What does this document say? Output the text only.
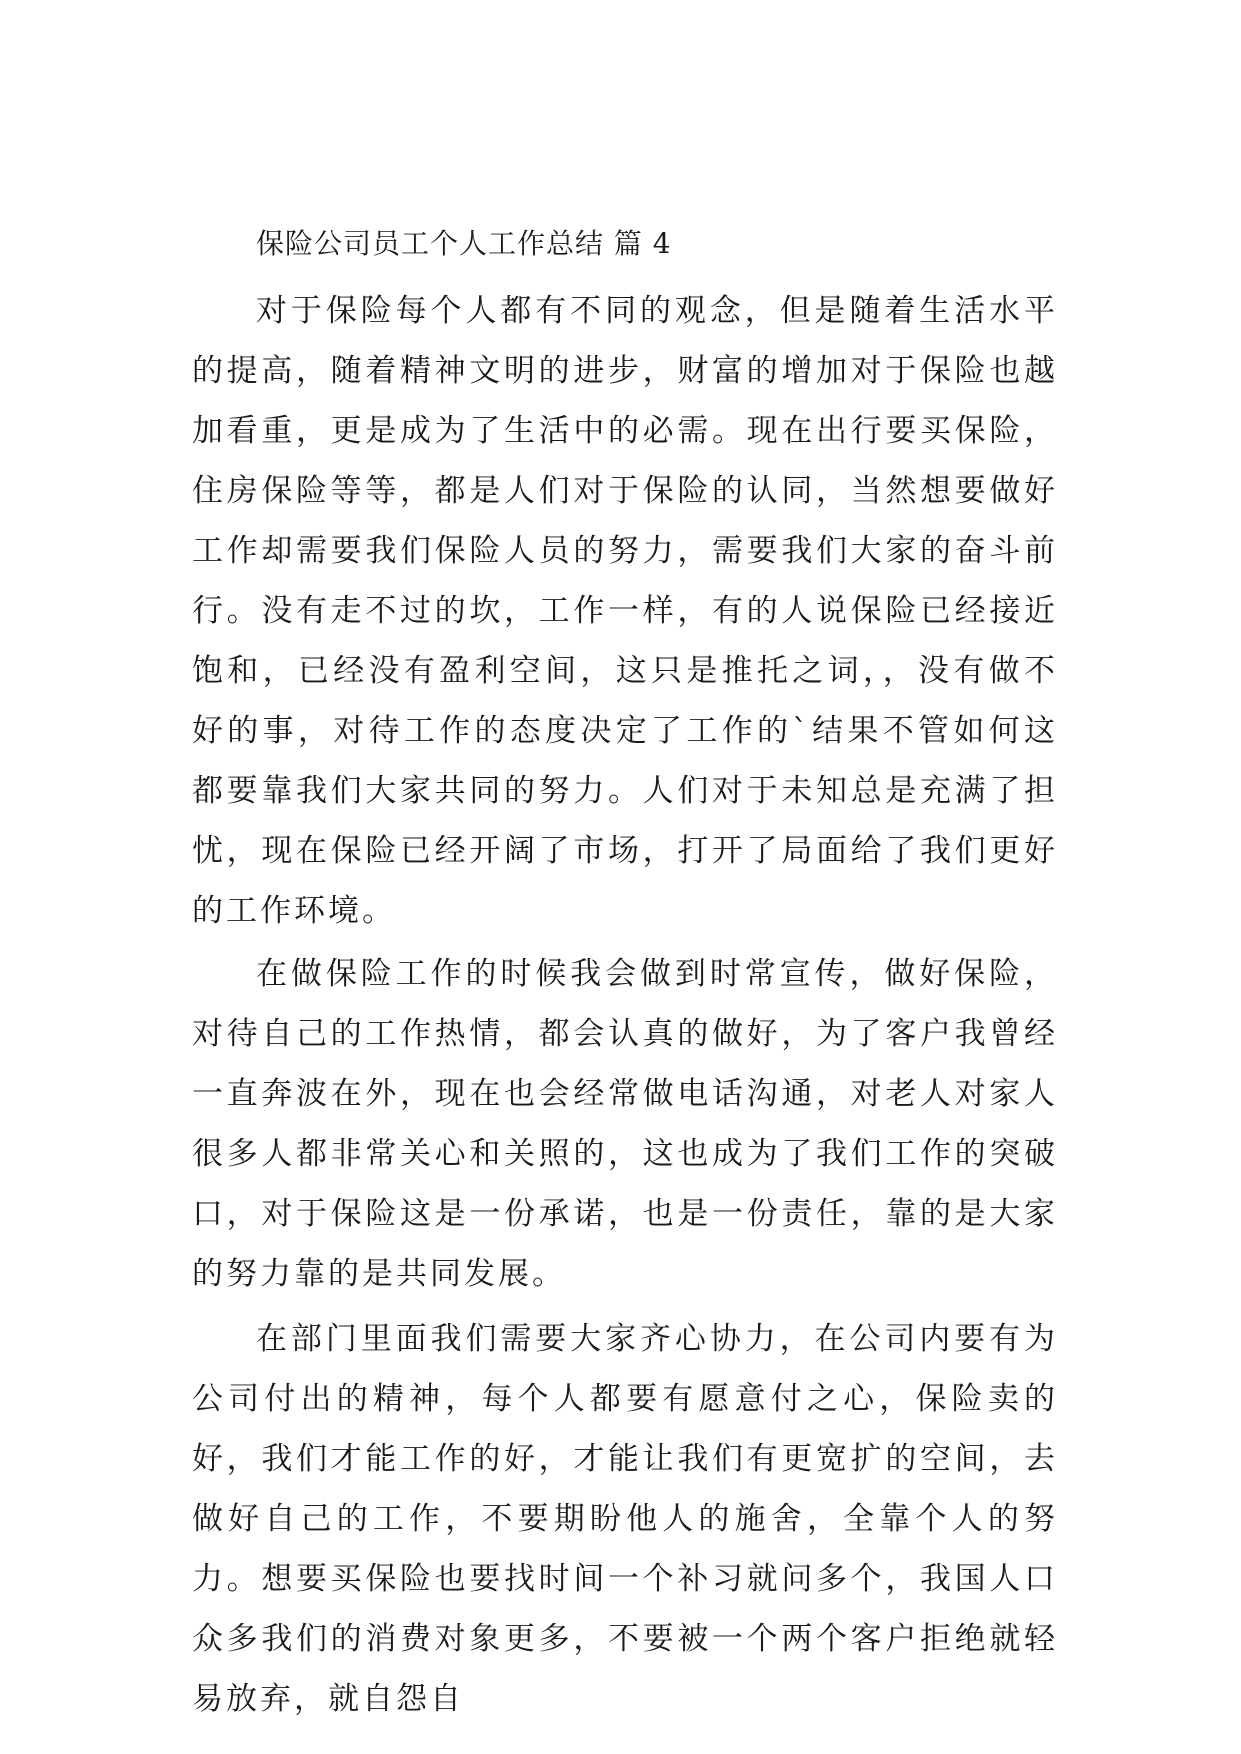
保险公司员工个人工作总结 篇 4

对于保险每个人都有不同的观念，但是随着生活水平的提高，随着精神文明的进步，财富的增加对于保险也越加看重，更是成为了生活中的必需。现在出行要买保险，住房保险等等，都是人们对于保险的认同，当然想要做好工作却需要我们保险人员的努力，需要我们大家的奋斗前行。没有走不过的坎，工作一样，有的人说保险已经接近饱和，已经没有盈利空间，这只是推托之词，，没有做不好的事，对待工作的态度决定了工作的`结果不管如何这都要靠我们大家共同的努力。人们对于未知总是充满了担忧，现在保险已经开阔了市场，打开了局面给了我们更好的工作环境。

在做保险工作的时候我会做到时常宣传，做好保险，对待自己的工作热情，都会认真的做好，为了客户我曾经一直奔波在外，现在也会经常做电话沟通，对老人对家人很多人都非常关心和关照的，这也成为了我们工作的突破口，对于保险这是一份承诺，也是一份责任，靠的是大家的努力靠的是共同发展。

在部门里面我们需要大家齐心协力，在公司内要有为公司付出的精神，每个人都要有愿意付之心，保险卖的好，我们才能工作的好，才能让我们有更宽扩的空间，去做好自己的工作，不要期盼他人的施舍，全靠个人的努力。想要买保险也要找时间一个补习就问多个，我国人口众多我们的消费对象更多，不要被一个两个客户拒绝就轻易放弃，就自怨自
